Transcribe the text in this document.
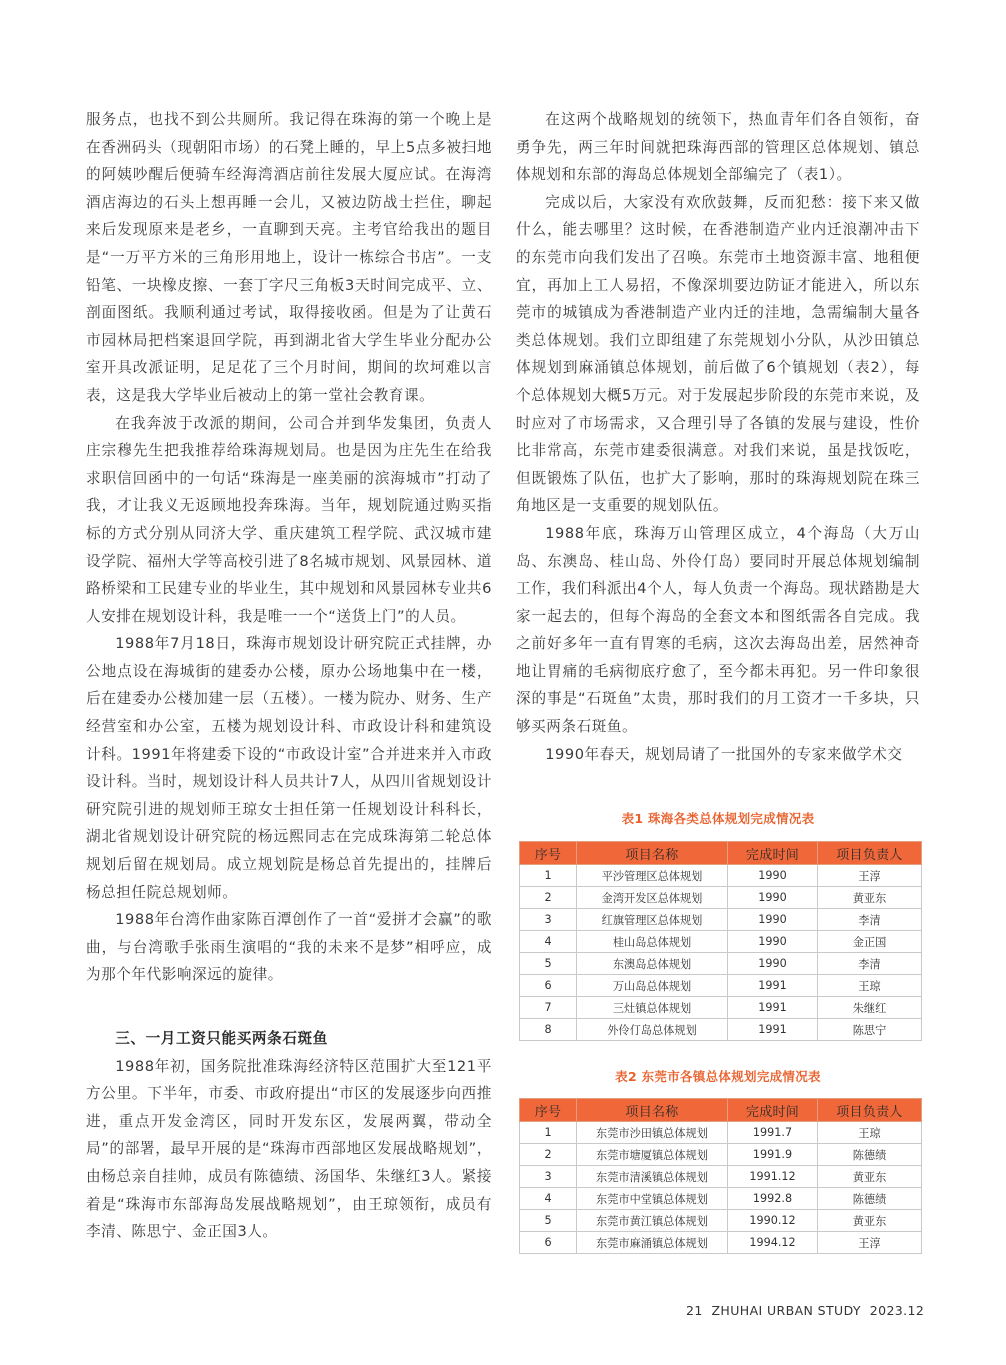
服务点，也找不到公共厕所。我记得在珠海的第一个晚上是在香洲码头（现朝阳市场）的石凳上睡的，早上5点多被扫地的阿姨吵醒后便骑车经海湾酒店前往发展大厦应试。在海湾酒店海边的石头上想再睡一会儿，又被边防战士拦住，聊起来后发现原来是老乡，一直聊到天亮。主考官给我出的题目是“一万平方米的三角形用地上，设计一栋综合书店”。一支铅笔、一块橡皮擦、一套丁字尺三角板3天时间完成平、立、剖面图纸。我顺利通过考试，取得接收函。但是为了让黄石市园林局把档案退回学院，再到湖北省大学生毕业分配办公室开具改派证明，足足花了三个月时间，期间的坎坷难以言表，这是我大学毕业后被动上的第一堂社会教育课。

在我奔波于改派的期间，公司合并到华发集团，负责人庄宗穆先生把我推荐给珠海规划局。也是因为庄先生在给我求职信回函中的一句话“珠海是一座美丽的滨海城市”打动了我，才让我义无返顾地投奔珠海。当年，规划院通过购买指标的方式分别从同济大学、重庆建筑工程学院、武汉城市建设学院、福州大学等高校引进了8名城市规划、风景园林、道路桥梁和工民建专业的毕业生，其中规划和风景园林专业共6人安排在规划设计科，我是唯一一个“送货上门”的人员。

1988年7月18日，珠海市规划设计研究院正式挂牌，办公地点设在海城街的建委办公楼，原办公场地集中在一楼，后在建委办公楼加建一层（五楼）。一楼为院办、财务、生产经营室和办公室，五楼为规划设计科、市政设计科和建筑设计科。1991年将建委下设的“市政设计室”合并进来并入市政设计科。当时，规划设计科人员共计7人，从四川省规划设计研究院引进的规划师王琼女士担任第一任规划设计科科长，湖北省规划设计研究院的杨远熙同志在完成珠海第二轮总体规划后留在规划局。成立规划院是杨总首先提出的，挂牌后杨总担任院总规划师。

1988年台湾作曲家陈百潭创作了一首“爱拼才会赢”的歌曲，与台湾歌手张雨生演唱的“我的未来不是梦”相呼应，成为那个年代影响深远的旋律。

三、一月工资只能买两条石斑鱼

1988年初，国务院批准珠海经济特区范围扩大至121平方公里。下半年，市委、市政府提出“市区的发展逐步向西推进，重点开发金湾区，同时开发东区，发展两翼，带动全局”的部署，最早开展的是“珠海市西部地区发展战略规划”，由杨总亲自挂帅，成员有陈德绩、汤国华、朱继红3人。紧接着是“珠海市东部海岛发展战略规划”，由王琼领衔，成员有李清、陈思宁、金正国3人。

在这两个战略规划的统领下，热血青年们各自领衔，奋勇争先，两三年时间就把珠海西部的管理区总体规划、镇总体规划和东部的海岛总体规划全部编完了（表1）。

完成以后，大家没有欢欣鼓舞，反而犯愁：接下来又做什么，能去哪里？这时候，在香港制造产业内迁浪潮冲击下的东莞市向我们发出了召唤。东莞市土地资源丰富、地租便宜，再加上工人易招，不像深圳要边防证才能进入，所以东莞市的城镇成为香港制造产业内迁的洼地，急需编制大量各类总体规划。我们立即组建了东莞规划小分队，从沙田镇总体规划到麻涌镇总体规划，前后做了6个镇规划（表2），每个总体规划大概5万元。对于发展起步阶段的东莞市来说，及时应对了市场需求，又合理引导了各镇的发展与建设，性价比非常高，东莞市建委很满意。对我们来说，虽是找饭吃，但既锻炼了队伍，也扩大了影响，那时的珠海规划院在珠三角地区是一支重要的规划队伍。

1988年底，珠海万山管理区成立，4个海岛（大万山岛、东澳岛、桂山岛、外伶仃岛）要同时开展总体规划编制工作，我们科派出4个人，每人负责一个海岛。现状踏勘是大家一起去的，但每个海岛的全套文本和图纸需各自完成。我之前好多年一直有胃寒的毛病，这次去海岛出差，居然神奇地让胃痛的毛病彻底疗愈了，至今都未再犯。另一件印象很深的事是“石斑鱼”太贵，那时我们的月工资才一千多块，只够买两条石斑鱼。

1990年春天，规划局请了一批国外的专家来做学术交

表1 珠海各类总体规划完成情况表
序号	项目名称	完成时间	项目负责人
1	平沙管理区总体规划	1990	王淳
2	金湾开发区总体规划	1990	黄亚东
3	红旗管理区总体规划	1990	李清
4	桂山岛总体规划	1990	金正国
5	东澳岛总体规划	1990	李清
6	万山岛总体规划	1991	王琼
7	三灶镇总体规划	1991	朱继红
8	外伶仃岛总体规划	1991	陈思宁
表2 东莞市各镇总体规划完成情况表
序号	项目名称	完成时间	项目负责人
1	东莞市沙田镇总体规划	1991.7	王琼
2	东莞市塘厦镇总体规划	1991.9	陈德绩
3	东莞市清溪镇总体规划	1991.12	黄亚东
4	东莞市中堂镇总体规划	1992.8	陈德绩
5	东莞市黄江镇总体规划	1990.12	黄亚东
6	东莞市麻涌镇总体规划	1994.12	王淳
21 ZHUHAI URBAN STUDY 2023.12
